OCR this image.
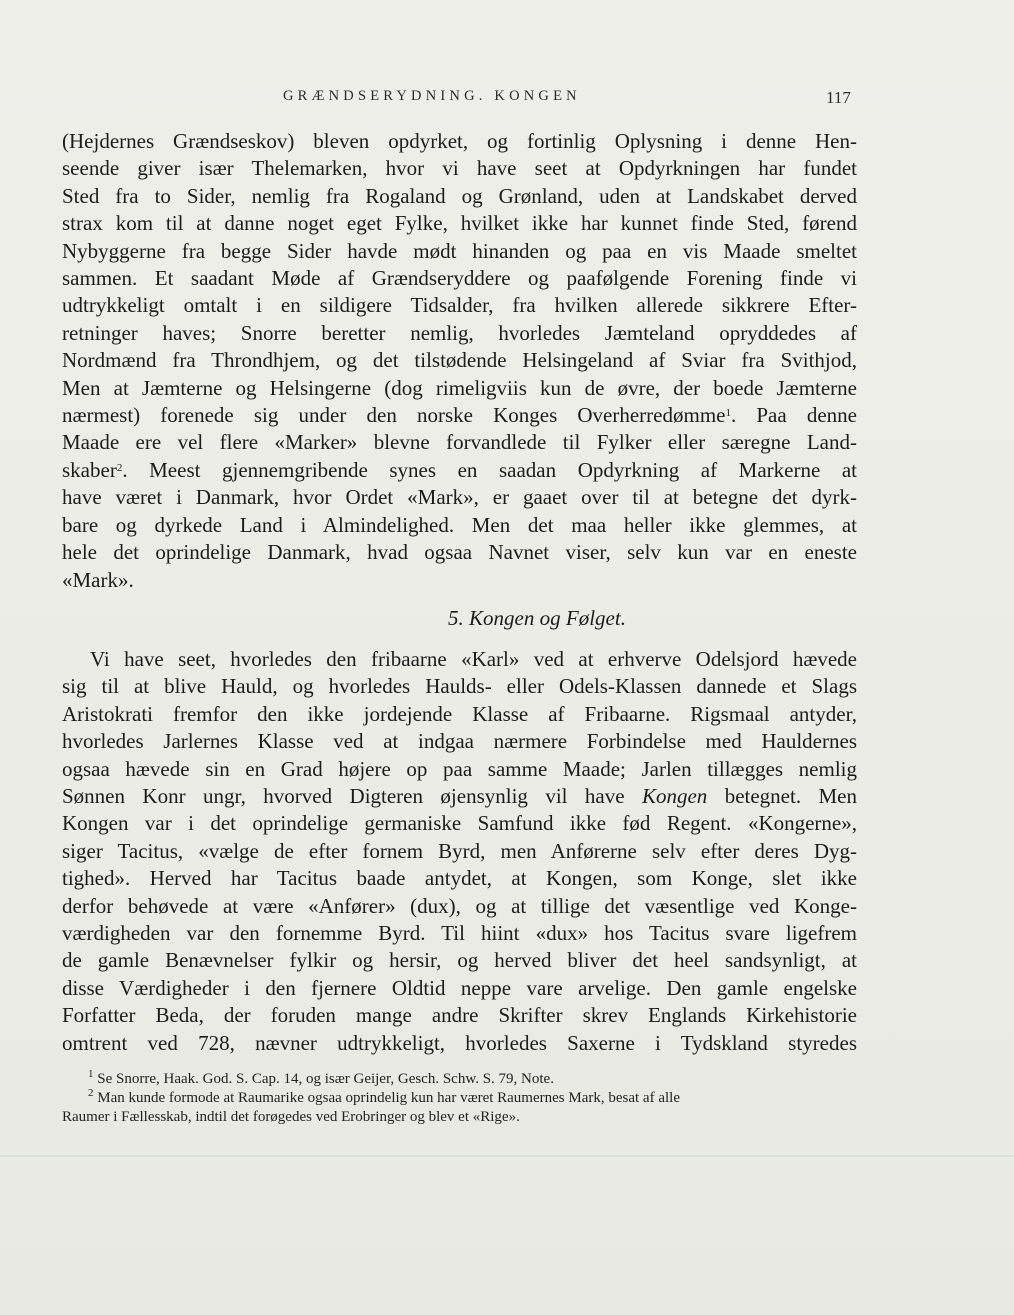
GRÆNDSERYDNING. KONGEN	117
(Hejdernes Grændseskov) bleven opdyrket, og fortinlig Oplysning i denne Hen-
seende giver især Thelemarken, hvor vi have seet at Opdyrkningen har fundet
Sted fra to Sider, nemlig fra Rogaland og Grønland, uden at Landskabet derved
strax kom til at danne noget eget Fylke, hvilket ikke har kunnet finde Sted, førend
Nybyggerne fra begge Sider havde mødt hinanden og paa en vis Maade smeltet
sammen. Et saadant Møde af Grændseryddere og paafølgende Forening finde vi
udtrykkeligt omtalt i en sildigere Tidsalder, fra hvilken allerede sikkrere Efter-
retninger haves; Snorre beretter nemlig, hvorledes Jæmteland opryddedes af
Nordmænd fra Throndhjem, og det tilstødende Helsingeland af Sviar fra Svithjod,
Men at Jæmterne og Helsingerne (dog rimeligviis kun de øvre, der boede Jæmterne
nærmest) forenede sig under den norske Konges Overherredømme$^1$. Paa denne
Maade ere vel flere «Marker» blevne forvandlede til Fylker eller særegne Land-
skaber$^2$. Meest gjennemgribende synes en saadan Opdyrkning af Markerne at
have været i Danmark, hvor Ordet «Mark», er gaaet over til at betegne det dyrk-
bare og dyrkede Land i Almindelighed. Men det maa heller ikke glemmes, at
hele det oprindelige Danmark, hvad ogsaa Navnet viser, selv kun var en eneste
«Mark».
5. Kongen og Følget.
Vi have seet, hvorledes den fribaarne «Karl» ved at erhverve Odelsjord hævede
sig til at blive Hauld, og hvorledes Haulds- eller Odels-Klassen dannede et Slags
Aristokrati fremfor den ikke jordejende Klasse af Fribaarne. Rigsmaal antyder,
hvorledes Jarlernes Klasse ved at indgaa nærmere Forbindelse med Hauldernes
ogsaa hævede sin en Grad højere op paa samme Maade; Jarlen tillægges nemlig
Sønnen Konr ungr, hvorved Digteren øjensynlig vil have Kongen betegnet. Men
Kongen var i det oprindelige germaniske Samfund ikke fød Regent. «Kongerne»,
siger Tacitus, «vælge de efter fornem Byrd, men Anførerne selv efter deres Dyg-
tighed». Herved har Tacitus baade antydet, at Kongen, som Konge, slet ikke
derfor behøvede at være «Anfører» (dux), og at tillige det væsentlige ved Konge-
værdigheden var den fornemme Byrd. Til hiint «dux» hos Tacitus svare ligefrem
de gamle Benævnelser fylkir og hersir, og herved bliver det heel sandsynligt, at
disse Værdigheder i den fjernere Oldtid neppe vare arvelige. Den gamle engelske
Forfatter Beda, der foruden mange andre Skrifter skrev Englands Kirkehistorie
omtrent ved 728, nævner udtrykkeligt, hvorledes Saxerne i Tydskland styredes
$^1$ Se Snorre, Haak. God. S. Cap. 14, og især Geijer, Gesch. Schw. S. 79, Note.
$^2$ Man kunde formode at Raumarike ogsaa oprindelig kun har været Raumernes Mark, besat af alle
Raumer i Fællesskab, indtil det forøgedes ved Erobringer og blev et «Rige».
